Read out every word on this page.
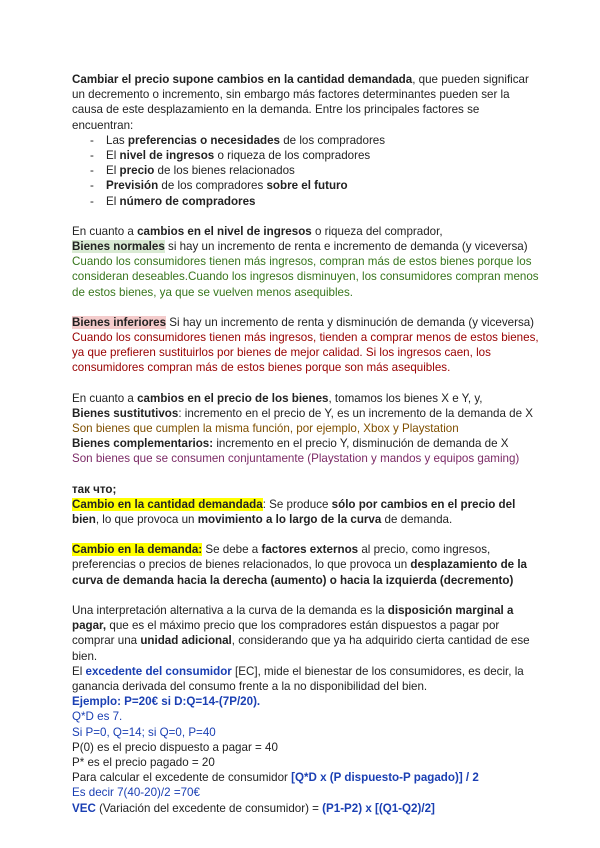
Cambiar el precio supone cambios en la cantidad demandada, que pueden significar un decremento o incremento, sin embargo más factores determinantes pueden ser la causa de este desplazamiento en la demanda. Entre los principales factores se encuentran:

- Las preferencias o necesidades de los compradores
- El nivel de ingresos o riqueza de los compradores
- El precio de los bienes relacionados
- Previsión de los compradores sobre el futuro
- El número de compradores

En cuanto a cambios en el nivel de ingresos o riqueza del comprador,

Bienes normales si hay un incremento de renta e incremento de demanda (y viceversa)

Cuando los consumidores tienen más ingresos, compran más de estos bienes porque los consideran deseables.Cuando los ingresos disminuyen, los consumidores compran menos de estos bienes, ya que se vuelven menos asequibles.

Bienes inferiores Si hay un incremento de renta y disminución de demanda (y viceversa)

Cuando los consumidores tienen más ingresos, tienden a comprar menos de estos bienes, ya que prefieren sustituirlos por bienes de mejor calidad. Si los ingresos caen, los consumidores compran más de estos bienes porque son más asequibles.

En cuanto a cambios en el precio de los bienes, tomamos los bienes X e Y, y,

Bienes sustitutivos: incremento en el precio de Y, es un incremento de la demanda de X

Son bienes que cumplen la misma función, por ejemplo, Xbox y Playstation

Bienes complementarios: incremento en el precio Y, disminución de demanda de X

Son bienes que se consumen conjuntamente (Playstation y mandos y equipos gaming)

так что;

Cambio en la cantidad demandada: Se produce sólo por cambios en el precio del bien, lo que provoca un movimiento a lo largo de la curva de demanda.

Cambio en la demanda: Se debe a factores externos al precio, como ingresos, preferencias o precios de bienes relacionados, lo que provoca un desplazamiento de la curva de demanda hacia la derecha (aumento) o hacia la izquierda (decremento)

Una interpretación alternativa a la curva de la demanda es la disposición marginal a pagar, que es el máximo precio que los compradores están dispuestos a pagar por comprar una unidad adicional, considerando que ya ha adquirido cierta cantidad de ese bien.

El excedente del consumidor [EC], mide el bienestar de los consumidores, es decir, la ganancia derivada del consumo frente a la no disponibilidad del bien.

Ejemplo: P=20€ si D:Q=14-(7P/20).

Q*D es 7.

Si P=0, Q=14; si Q=0, P=40

P(0) es el precio dispuesto a pagar = 40

P* es el precio pagado = 20

Para calcular el excedente de consumidor [Q*D x (P dispuesto-P pagado)] / 2

Es decir 7(40-20)/2 =70€

VEC (Variación del excedente de consumidor) = (P1-P2) x [(Q1-Q2)/2]
